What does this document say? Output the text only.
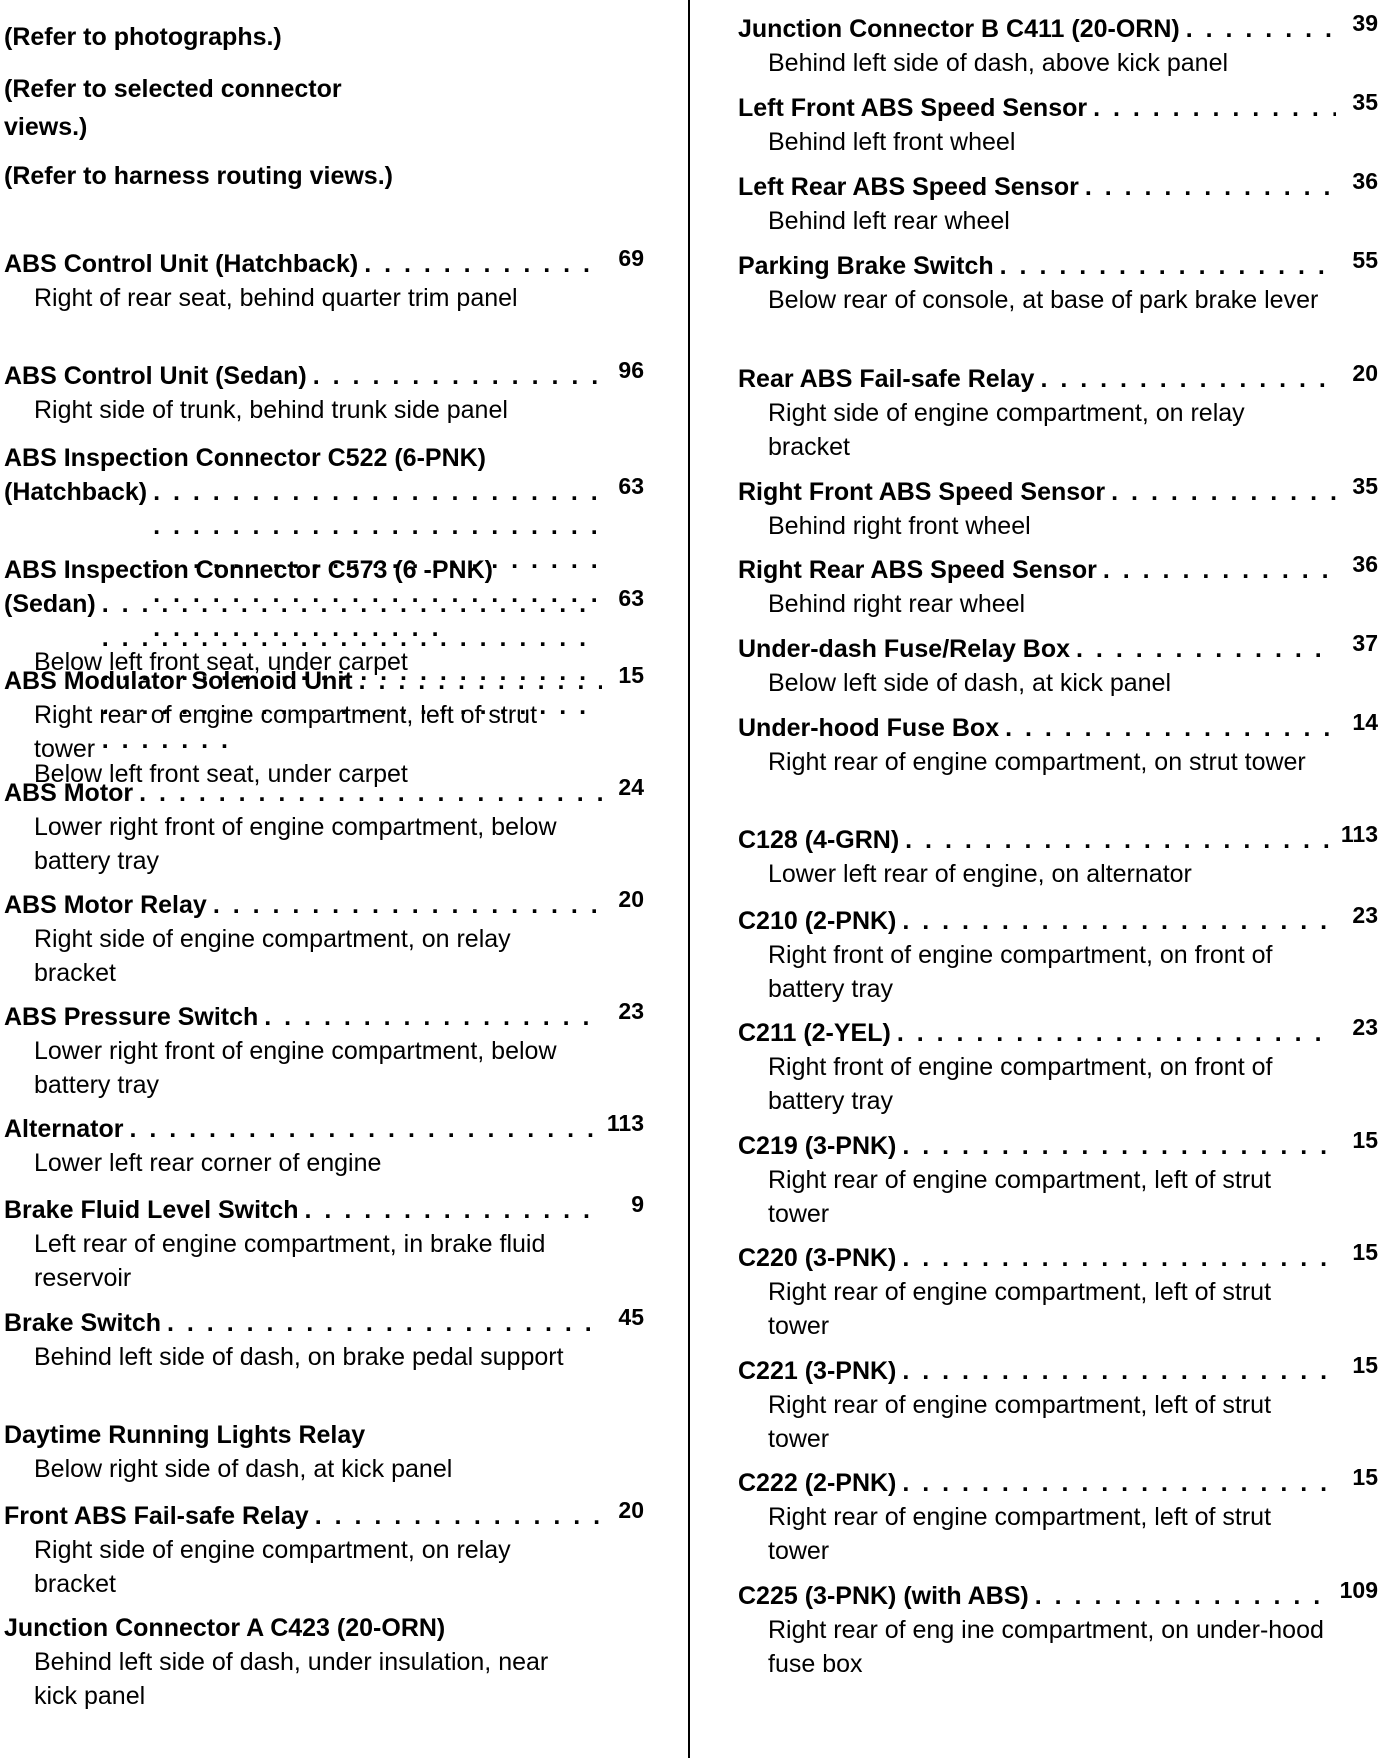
(Refer to photographs.)

(Refer to selected connector views.)

(Refer to harness routing views.)

ABS Control Unit (Hatchback) . . .	69
Right of rear seat, behind quarter trim panel
ABS Control Unit (Sedan) . . .	96
Right side of trunk, behind trunk side panel
ABS Inspection Connector C522 (6-PNK)
(Hatchback) . . .	63
Below left front seat, under carpet
ABS Inspection Connector C573 (6 -PNK)
(Sedan) . . .	63
Below left front seat, under carpet
ABS Modulator Solenoid Unit . . .	15
Right rear of engine compartment, left of strut tower
ABS Motor . . .	24
Lower right front of engine compartment, below battery tray
ABS Motor Relay . . .	20
Right side of engine compartment, on relay bracket
ABS Pressure Switch . . .	23
Lower right front of engine compartment, below battery tray
Alternator . . .	113
Lower left rear corner of engine
Brake Fluid Level Switch . . .	9
Left rear of engine compartment, in brake fluid reservoir
Brake Switch . . .	45
Behind left side of dash, on brake pedal support
Daytime Running Lights Relay
Below right side of dash, at kick panel
Front ABS Fail-safe Relay . . .	20
Right side of engine compartment, on relay bracket
Junction Connector A C423 (20-ORN)
Behind left side of dash, under insulation, near kick panel
Junction Connector B C411 (20-ORN) . . .	39
Behind left side of dash, above kick panel
Left Front ABS Speed Sensor . . .	35
Behind left front wheel
Left Rear ABS Speed Sensor . . .	36
Behind left rear wheel
Parking Brake Switch . . .	55
Below rear of console, at base of park brake lever
Rear ABS Fail-safe Relay . . .	20
Right side of engine compartment, on relay bracket
Right Front ABS Speed Sensor . . .	35
Behind right front wheel
Right Rear ABS Speed Sensor . . .	36
Behind right rear wheel
Under-dash Fuse/Relay Box . . .	37
Below left side of dash, at kick panel
Under-hood Fuse Box . . .	14
Right rear of engine compartment, on strut tower
C128 (4-GRN) . . .	113
Lower left rear of engine, on alternator
C210 (2-PNK) . . .	23
Right front of engine compartment, on front of battery tray
C211 (2-YEL) . . .	23
Right front of engine compartment, on front of battery tray
C219 (3-PNK) . . .	15
Right rear of engine compartment, left of strut tower
C220 (3-PNK) . . .	15
Right rear of engine compartment, left of strut tower
C221 (3-PNK) . . .	15
Right rear of engine compartment, left of strut tower
C222 (2-PNK) . . .	15
Right rear of engine compartment, left of strut tower
C225 (3-PNK) (with ABS) . . .	109
Right rear of eng ine compartment, on under-hood fuse box
